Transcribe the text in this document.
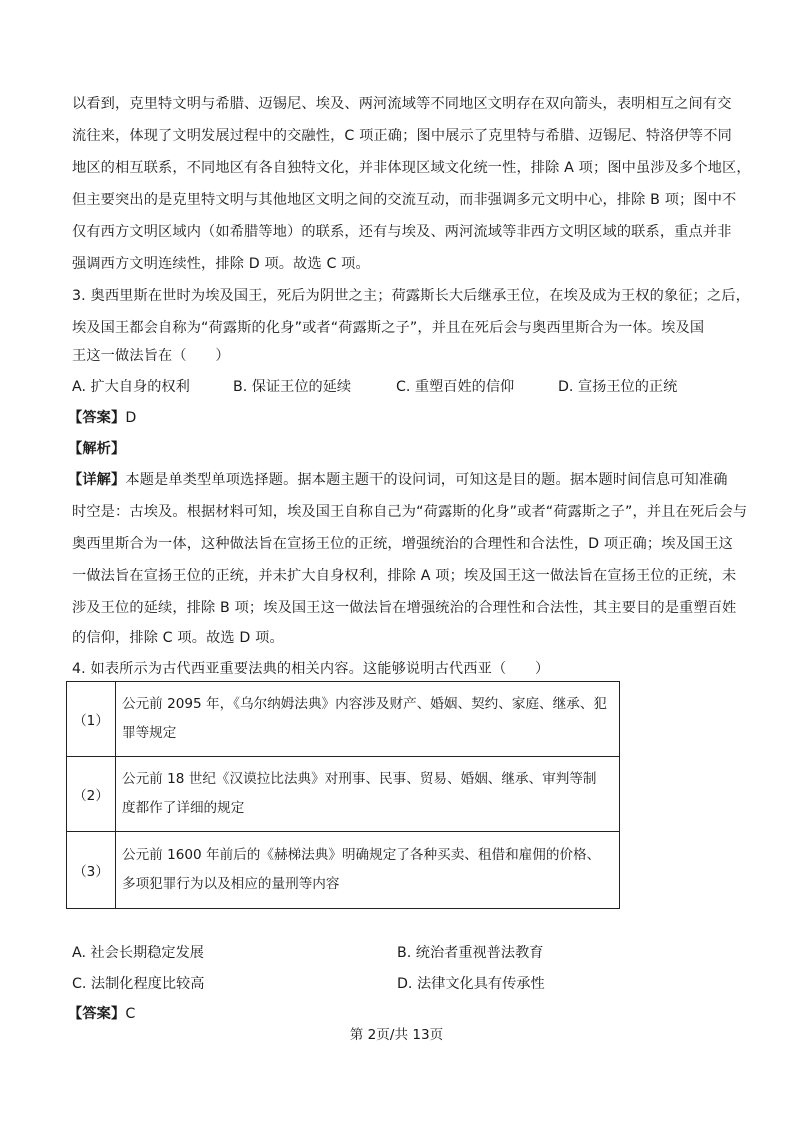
以看到，克里特文明与希腊、迈锡尼、埃及、两河流域等不同地区文明存在双向箭头，表明相互之间有交
流往来，体现了文明发展过程中的交融性，C 项正确；图中展示了克里特与希腊、迈锡尼、特洛伊等不同
地区的相互联系，不同地区有各自独特文化，并非体现区域文化统一性，排除 A 项；图中虽涉及多个地区，
但主要突出的是克里特文明与其他地区文明之间的交流互动，而非强调多元文明中心，排除 B 项；图中不
仅有西方文明区域内（如希腊等地）的联系，还有与埃及、两河流域等非西方文明区域的联系，重点并非
强调西方文明连续性，排除 D 项。故选 C 项。
3. 奥西里斯在世时为埃及国王，死后为阴世之主；荷露斯长大后继承王位，在埃及成为王权的象征；之后，
埃及国王都会自称为“荷露斯的化身”或者“荷露斯之子”，并且在死后会与奥西里斯合为一体。埃及国
王这一做法旨在（　　）
A. 扩大自身的权利	B. 保证王位的延续	C. 重塑百姓的信仰	D. 宣扬王位的正统
【答案】D
【解析】
【详解】本题是单类型单项选择题。据本题主题干的设问词，可知这是目的题。据本题时间信息可知准确
时空是：古埃及。根据材料可知，埃及国王自称自己为“荷露斯的化身”或者“荷露斯之子”，并且在死后会与
奥西里斯合为一体，这种做法旨在宣扬王位的正统，增强统治的合理性和合法性，D 项正确；埃及国王这
一做法旨在宣扬王位的正统，并未扩大自身权利，排除 A 项；埃及国王这一做法旨在宣扬王位的正统，未
涉及王位的延续，排除 B 项；埃及国王这一做法旨在增强统治的合理性和合法性，其主要目的是重塑百姓
的信仰，排除 C 项。故选 D 项。
4. 如表所示为古代西亚重要法典的相关内容。这能够说明古代西亚（　　）
（1）	公元前 2095 年，《乌尔纳姆法典》内容涉及财产、婚姻、契约、家庭、继承、犯
罪等规定

（2）	公元前 18 世纪《汉谟拉比法典》对刑事、民事、贸易、婚姻、继承、审判等制
度都作了详细的规定

（3）	公元前 1600 年前后的《赫梯法典》明确规定了各种买卖、租借和雇佣的价格、
多项犯罪行为以及相应的量刑等内容
A. 社会长期稳定发展	B. 统治者重视普法教育
C. 法制化程度比较高	D. 法律文化具有传承性
【答案】C
第 2页/共 13页
